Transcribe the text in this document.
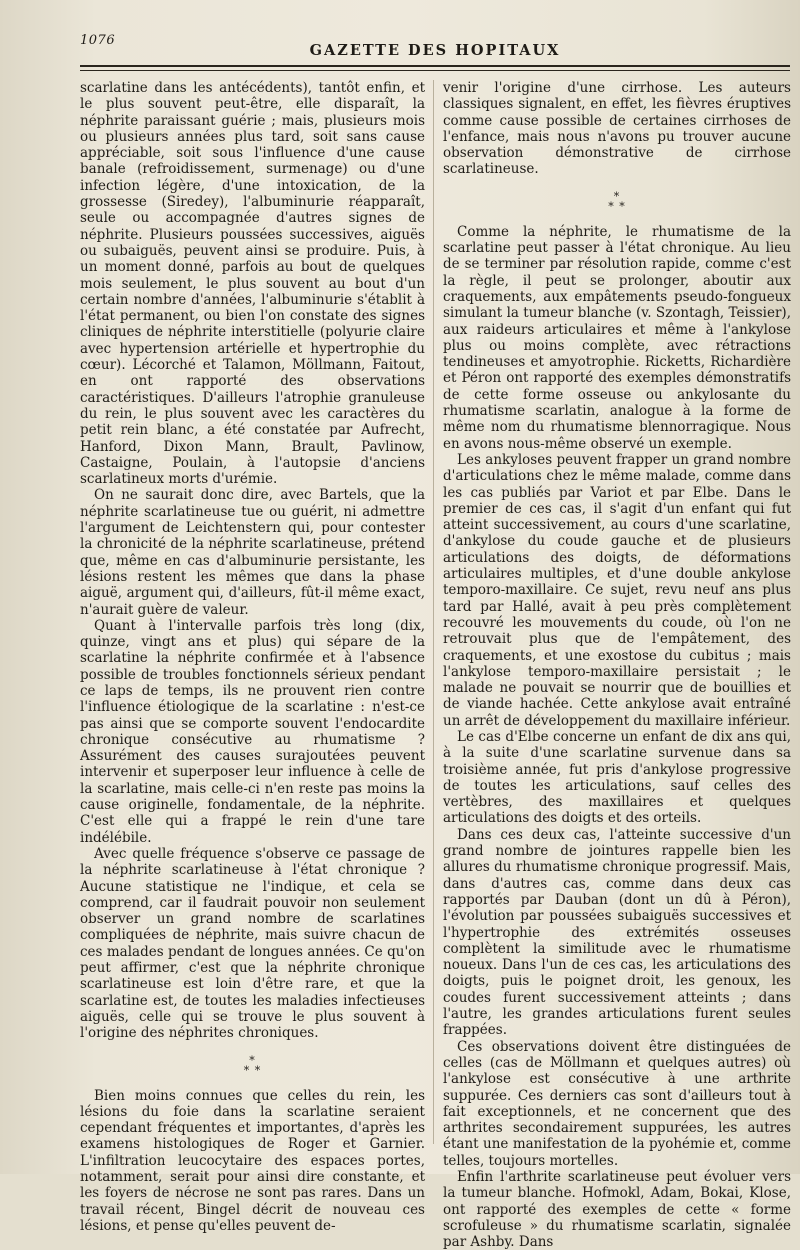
1076
GAZETTE DES HOPITAUX

scarlatine dans les antécédents), tantôt enfin, et le plus souvent peut-être, elle disparaît, la néphrite paraissant guérie ; mais, plusieurs mois ou plusieurs années plus tard, soit sans cause appréciable, soit sous l'influence d'une cause banale (refroidissement, surmenage) ou d'une infection légère, d'une intoxication, de la grossesse (Siredey), l'albuminurie réapparaît, seule ou accompagnée d'autres signes de néphrite. Plusieurs poussées successives, aiguës ou subaiguës, peuvent ainsi se produire. Puis, à un moment donné, parfois au bout de quelques mois seulement, le plus souvent au bout d'un certain nombre d'années, l'albuminurie s'établit à l'état permanent, ou bien l'on constate des signes cliniques de néphrite interstitielle (polyurie claire avec hypertension artérielle et hypertrophie du cœur). Lécorché et Talamon, Möllmann, Faitout, en ont rapporté des observations caractéristiques. D'ailleurs l'atrophie granuleuse du rein, le plus souvent avec les caractères du petit rein blanc, a été constatée par Aufrecht, Hanford, Dixon Mann, Brault, Pavlinow, Castaigne, Poulain, à l'autopsie d'anciens scarlatineux morts d'urémie.

On ne saurait donc dire, avec Bartels, que la néphrite scarlatineuse tue ou guérit, ni admettre l'argument de Leichtenstern qui, pour contester la chronicité de la néphrite scarlatineuse, prétend que, même en cas d'albuminurie persistante, les lésions restent les mêmes que dans la phase aiguë, argument qui, d'ailleurs, fût-il même exact, n'aurait guère de valeur.

Quant à l'intervalle parfois très long (dix, quinze, vingt ans et plus) qui sépare de la scarlatine la néphrite confirmée et à l'absence possible de troubles fonctionnels sérieux pendant ce laps de temps, ils ne prouvent rien contre l'influence étiologique de la scarlatine : n'est-ce pas ainsi que se comporte souvent l'endocardite chronique consécutive au rhumatisme ? Assurément des causes surajoutées peuvent intervenir et superposer leur influence à celle de la scarlatine, mais celle-ci n'en reste pas moins la cause originelle, fondamentale, de la néphrite. C'est elle qui a frappé le rein d'une tare indélébile.

Avec quelle fréquence s'observe ce passage de la néphrite scarlatineuse à l'état chronique ? Aucune statistique ne l'indique, et cela se comprend, car il faudrait pouvoir non seulement observer un grand nombre de scarlatines compliquées de néphrite, mais suivre chacun de ces malades pendant de longues années. Ce qu'on peut affirmer, c'est que la néphrite chronique scarlatineuse est loin d'être rare, et que la scarlatine est, de toutes les maladies infectieuses aiguës, celle qui se trouve le plus souvent à l'origine des néphrites chroniques.

*
* *

Bien moins connues que celles du rein, les lésions du foie dans la scarlatine seraient cependant fréquentes et importantes, d'après les examens histologiques de Roger et Garnier. L'infiltration leucocytaire des espaces portes, notamment, serait pour ainsi dire constante, et les foyers de nécrose ne sont pas rares. Dans un travail récent, Bingel décrit de nouveau ces lésions, et pense qu'elles peuvent de-

venir l'origine d'une cirrhose. Les auteurs classiques signalent, en effet, les fièvres éruptives comme cause possible de certaines cirrhoses de l'enfance, mais nous n'avons pu trouver aucune observation démonstrative de cirrhose scarlatineuse.

*
* *

Comme la néphrite, le rhumatisme de la scarlatine peut passer à l'état chronique. Au lieu de se terminer par résolution rapide, comme c'est la règle, il peut se prolonger, aboutir aux craquements, aux empâtements pseudo-fongueux simulant la tumeur blanche (v. Szontagh, Teissier), aux raideurs articulaires et même à l'ankylose plus ou moins complète, avec rétractions tendineuses et amyotrophie. Ricketts, Richardière et Péron ont rapporté des exemples démonstratifs de cette forme osseuse ou ankylosante du rhumatisme scarlatin, analogue à la forme de même nom du rhumatisme blennorragique. Nous en avons nous-même observé un exemple.

Les ankyloses peuvent frapper un grand nombre d'articulations chez le même malade, comme dans les cas publiés par Variot et par Elbe. Dans le premier de ces cas, il s'agit d'un enfant qui fut atteint successivement, au cours d'une scarlatine, d'ankylose du coude gauche et de plusieurs articulations des doigts, de déformations articulaires multiples, et d'une double ankylose temporo-maxillaire. Ce sujet, revu neuf ans plus tard par Hallé, avait à peu près complètement recouvré les mouvements du coude, où l'on ne retrouvait plus que de l'empâtement, des craquements, et une exostose du cubitus ; mais l'ankylose temporo-maxillaire persistait ; le malade ne pouvait se nourrir que de bouillies et de viande hachée. Cette ankylose avait entraîné un arrêt de développement du maxillaire inférieur.

Le cas d'Elbe concerne un enfant de dix ans qui, à la suite d'une scarlatine survenue dans sa troisième année, fut pris d'ankylose progressive de toutes les articulations, sauf celles des vertèbres, des maxillaires et quelques articulations des doigts et des orteils.

Dans ces deux cas, l'atteinte successive d'un grand nombre de jointures rappelle bien les allures du rhumatisme chronique progressif. Mais, dans d'autres cas, comme dans deux cas rapportés par Dauban (dont un dû à Péron), l'évolution par poussées subaiguës successives et l'hypertrophie des extrémités osseuses complètent la similitude avec le rhumatisme noueux. Dans l'un de ces cas, les articulations des doigts, puis le poignet droit, les genoux, les coudes furent successivement atteints ; dans l'autre, les grandes articulations furent seules frappées.

Ces observations doivent être distinguées de celles (cas de Möllmann et quelques autres) où l'ankylose est consécutive à une arthrite suppurée. Ces derniers cas sont d'ailleurs tout à fait exceptionnels, et ne concernent que des arthrites secondairement suppurées, les autres étant une manifestation de la pyohémie et, comme telles, toujours mortelles.

Enfin l'arthrite scarlatineuse peut évoluer vers la tumeur blanche. Hofmokl, Adam, Bokai, Klose, ont rapporté des exemples de cette « forme scrofuleuse » du rhumatisme scarlatin, signalée par Ashby. Dans
